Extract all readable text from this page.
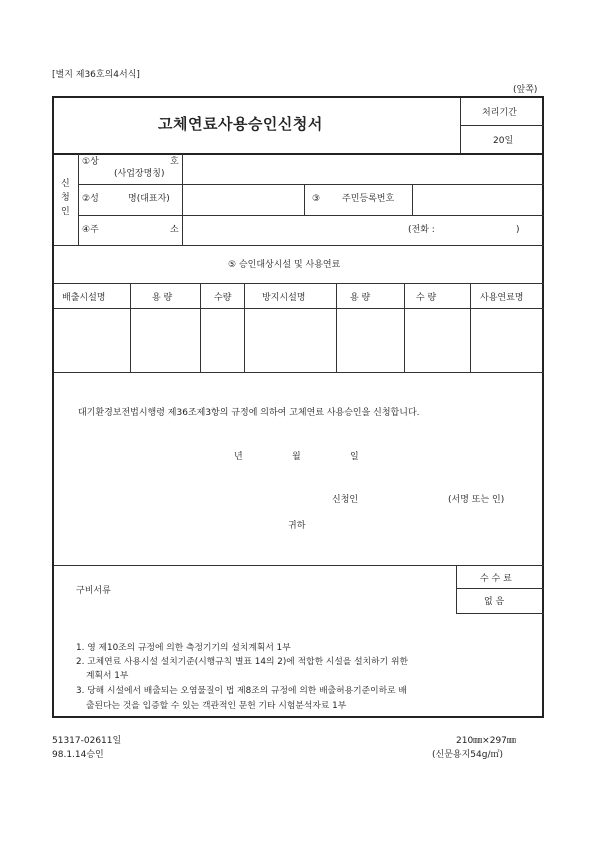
[별지 제36호의4서식]
(앞쪽)
고체연료사용승인신청서
처리기간
20일
신
청
인
①상	호
(사업장명칭)
②성	명(대표자)	③ 주민등록번호
④주	소	(전화 :	)
⑤ 승인대상시설 및 사용연료
배출시설명	용 량	수량	방지시설명	용 량	수 량	사용연료명
대기환경보전법시행령 제36조제3항의 규정에 의하여 고체연료 사용승인을 신청합니다.
년	월	일
신청인	(서명 또는 인)
귀하
구비서류
수 수 료
없 음
1. 영 제10조의 규정에 의한 측정기기의 설치계획서 1부
2. 고체연료 사용시설 설치기준(시행규칙 별표 14의 2)에 적합한 시설을 설치하기 위한
계획서 1부
3. 당해 시설에서 배출되는 오염물질이 법 제8조의 규정에 의한 배출허용기준이하로 배
출된다는 것을 입증할 수 있는 객관적인 문헌 기타 시험분석자료 1부
51317-02611일
98.1.14승인
210㎜×297㎜
(신문용지54g/㎡)
